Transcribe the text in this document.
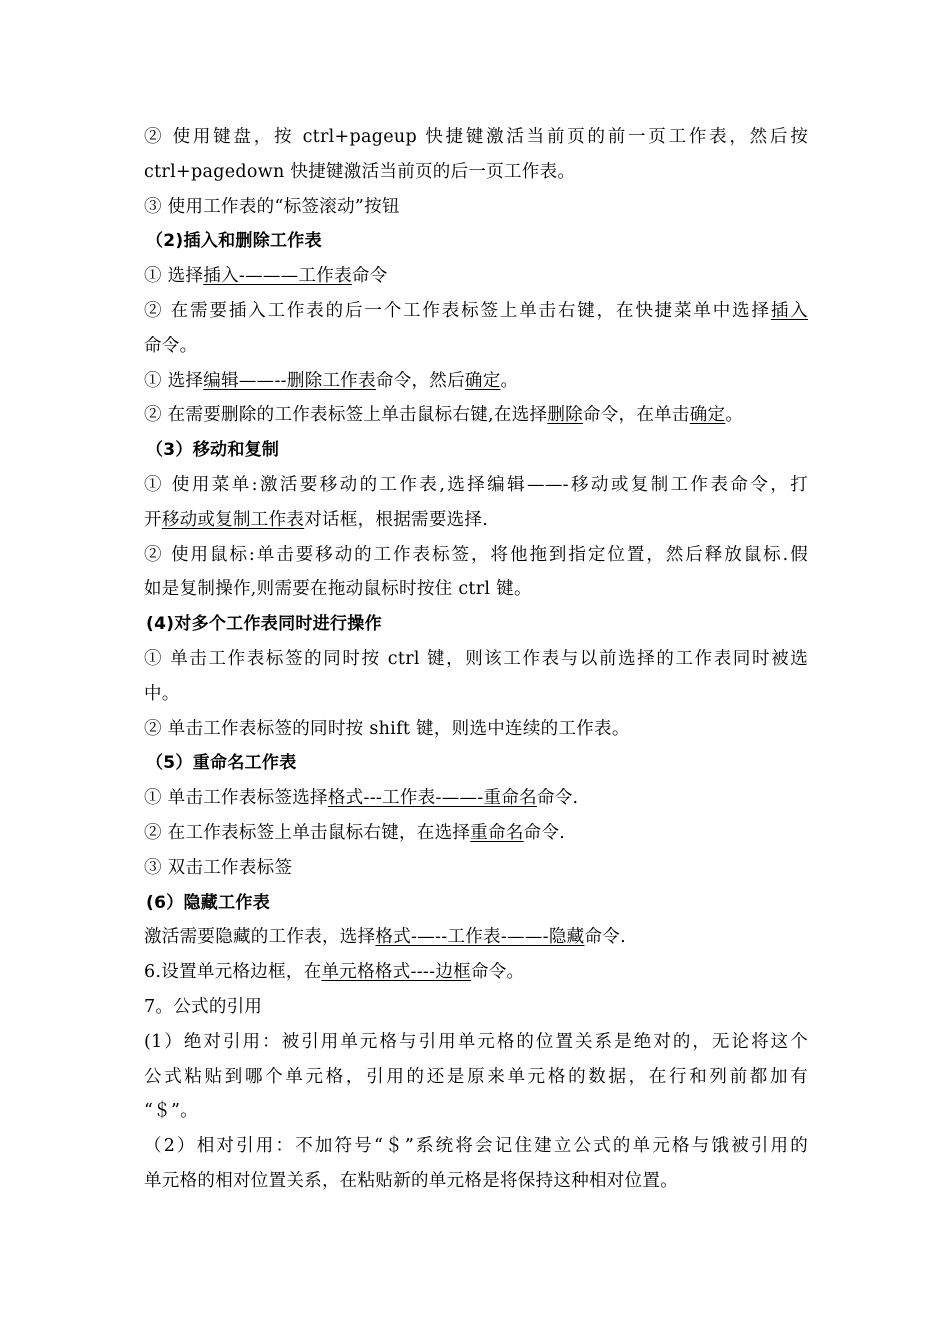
② 使用键盘，按 ctrl+pageup 快捷键激活当前页的前一页工作表，然后按
ctrl+pagedown 快捷键激活当前页的后一页工作表。
③ 使用工作表的“标签滚动”按钮
（2)插入和删除工作表
① 选择插入-———工作表命令
② 在需要插入工作表的后一个工作表标签上单击右键，在快捷菜单中选择插入
命令。
① 选择编辑——--删除工作表命令，然后确定。
② 在需要删除的工作表标签上单击鼠标右键,在选择删除命令，在单击确定。
（3）移动和复制
① 使用菜单:激活要移动的工作表,选择编辑——-移动或复制工作表命令，打
开移动或复制工作表对话框，根据需要选择.
② 使用鼠标:单击要移动的工作表标签，将他拖到指定位置，然后释放鼠标.假
如是复制操作,则需要在拖动鼠标时按住 ctrl 键。
(4)对多个工作表同时进行操作
① 单击工作表标签的同时按 ctrl 键，则该工作表与以前选择的工作表同时被选
中。
② 单击工作表标签的同时按 shift 键，则选中连续的工作表。
（5）重命名工作表
① 单击工作表标签选择格式---工作表-——-重命名命令.
② 在工作表标签上单击鼠标右键，在选择重命名命令.
③ 双击工作表标签
(6）隐藏工作表
激活需要隐藏的工作表，选择格式-—--工作表-——-隐藏命令.
6.设置单元格边框，在单元格格式----边框命令。
7。公式的引用
(1）绝对引用：被引用单元格与引用单元格的位置关系是绝对的，无论将这个
公式粘贴到哪个单元格，引用的还是原来单元格的数据，在行和列前都加有
“＄”。
（2）相对引用：不加符号“＄”系统将会记住建立公式的单元格与饿被引用的
单元格的相对位置关系，在粘贴新的单元格是将保持这种相对位置。
